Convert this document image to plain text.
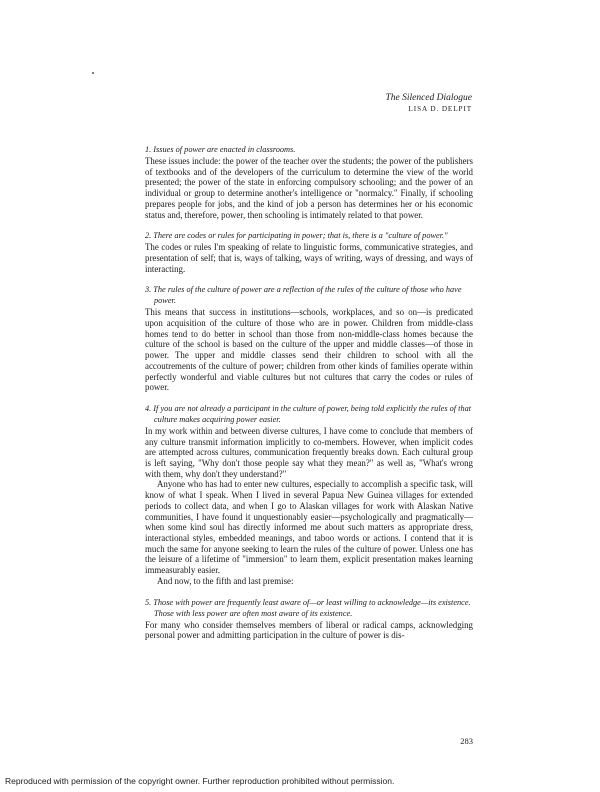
The Silenced Dialogue
LISA D. DELPIT

1. Issues of power are enacted in classrooms.

These issues include: the power of the teacher over the students; the power of the publishers of textbooks and of the developers of the curriculum to determine the view of the world presented; the power of the state in enforcing compulsory schooling; and the power of an individual or group to determine another's intelligence or "normalcy." Finally, if schooling prepares people for jobs, and the kind of job a person has determines her or his economic status and, therefore, power, then schooling is intimately related to that power.

2. There are codes or rules for participating in power; that is, there is a "culture of power."

The codes or rules I'm speaking of relate to linguistic forms, communicative strategies, and presentation of self; that is, ways of talking, ways of writing, ways of dressing, and ways of interacting.

3. The rules of the culture of power are a reflection of the rules of the culture of those who have power.

This means that success in institutions—schools, workplaces, and so on—is predicated upon acquisition of the culture of those who are in power. Children from middle-class homes tend to do better in school than those from non-middle-class homes because the culture of the school is based on the culture of the upper and middle classes—of those in power. The upper and middle classes send their children to school with all the accoutrements of the culture of power; children from other kinds of families operate within perfectly wonderful and viable cultures but not cultures that carry the codes or rules of power.

4. If you are not already a participant in the culture of power, being told explicitly the rules of that culture makes acquiring power easier.

In my work within and between diverse cultures, I have come to conclude that members of any culture transmit information implicitly to co-members. However, when implicit codes are attempted across cultures, communication frequently breaks down. Each cultural group is left saying, "Why don't those people say what they mean?" as well as, "What's wrong with them, why don't they understand?"

Anyone who has had to enter new cultures, especially to accomplish a specific task, will know of what I speak. When I lived in several Papua New Guinea villages for extended periods to collect data, and when I go to Alaskan villages for work with Alaskan Native communities, I have found it unquestionably easier—psychologically and pragmatically—when some kind soul has directly informed me about such matters as appropriate dress, interactional styles, embedded meanings, and taboo words or actions. I contend that it is much the same for anyone seeking to learn the rules of the culture of power. Unless one has the leisure of a lifetime of "immersion" to learn them, explicit presentation makes learning immeasurably easier.

And now, to the fifth and last premise:

5. Those with power are frequently least aware of—or least willing to acknowledge—its existence. Those with less power are often most aware of its existence.

For many who consider themselves members of liberal or radical camps, acknowledging personal power and admitting participation in the culture of power is dis-

283
Reproduced with permission of the copyright owner. Further reproduction prohibited without permission.
